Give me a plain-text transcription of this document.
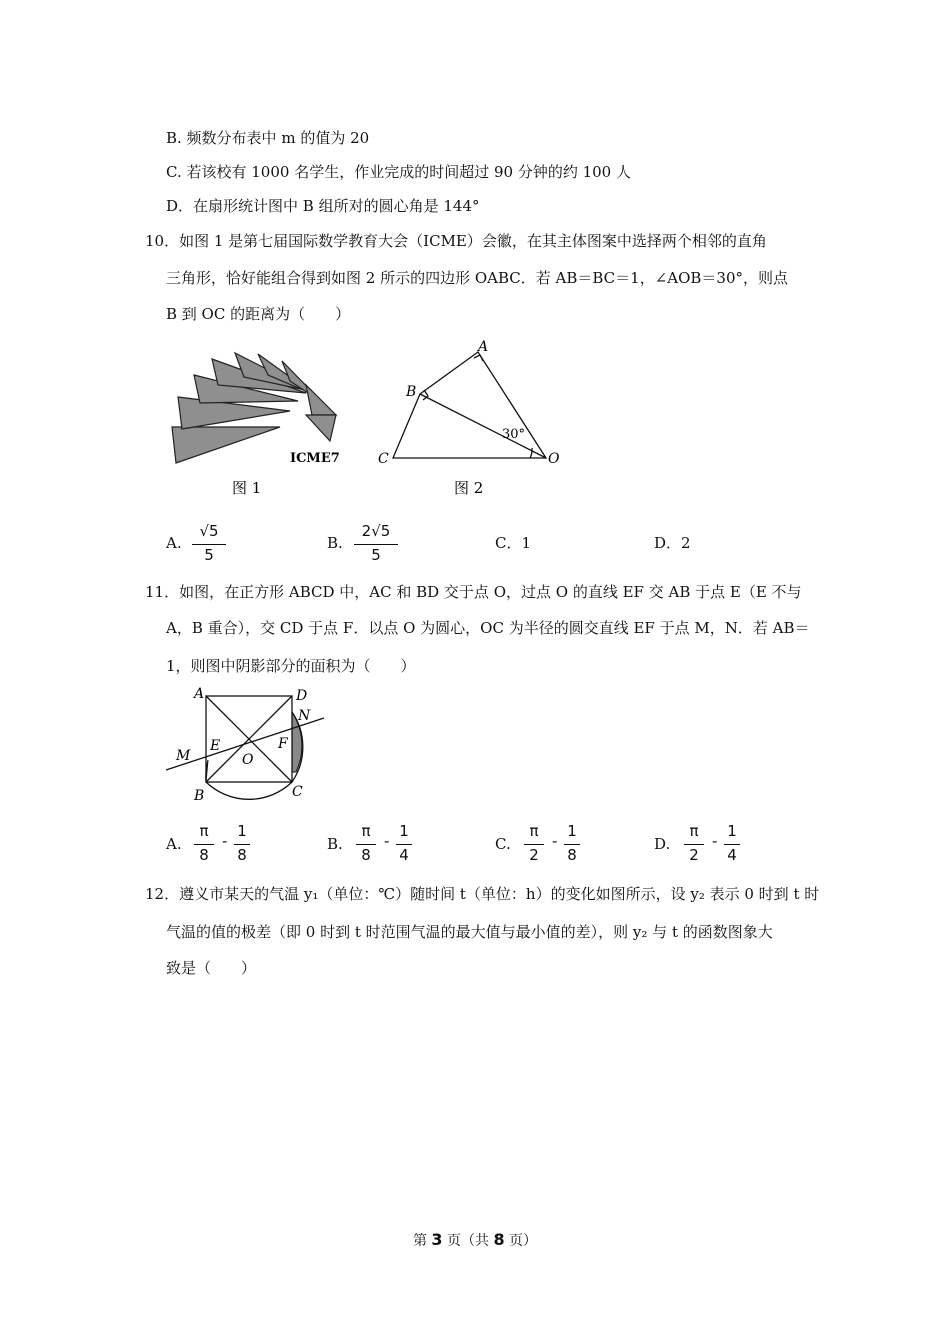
B. 频数分布表中 m 的值为 20
C. 若该校有 1000 名学生，作业完成的时间超过 90 分钟的约 100 人
D．在扇形统计图中 B 组所对的圆心角是 144°
10．如图 1 是第七届国际数学教育大会（ICME）会徽，在其主体图案中选择两个相邻的直角
三角形，恰好能组合得到如图 2 所示的四边形 OABC．若 AB＝BC＝1，∠AOB＝30°，则点
B 到 OC 的距离为（　　）
ICME7
图 1
A
B
C	O
30°
图 2
A.
√5
5
B.
2√5
5
C．1	D．2
11．如图，在正方形 ABCD 中，AC 和 BD 交于点 O，过点 O 的直线 EF 交 AB 于点 E（E 不与
A，B 重合），交 CD 于点 F．以点 O 为圆心，OC 为半径的圆交直线 EF 于点 M，N．若 AB＝
1，则图中阴影部分的面积为（　　）
A	D
B	C
E	F
M
N
O
A.
π
8
-
1
8
B.
π
8
-
1
4
C.
π
2
-
1
8
D.
π
2
-
1
4
12．遵义市某天的气温 y₁（单位：℃）随时间 t（单位：h）的变化如图所示，设 y₂ 表示 0 时到 t 时
气温的值的极差（即 0 时到 t 时范围气温的最大值与最小值的差），则 y₂ 与 t 的函数图象大
致是（　　）
第 3 页（共 8 页）
